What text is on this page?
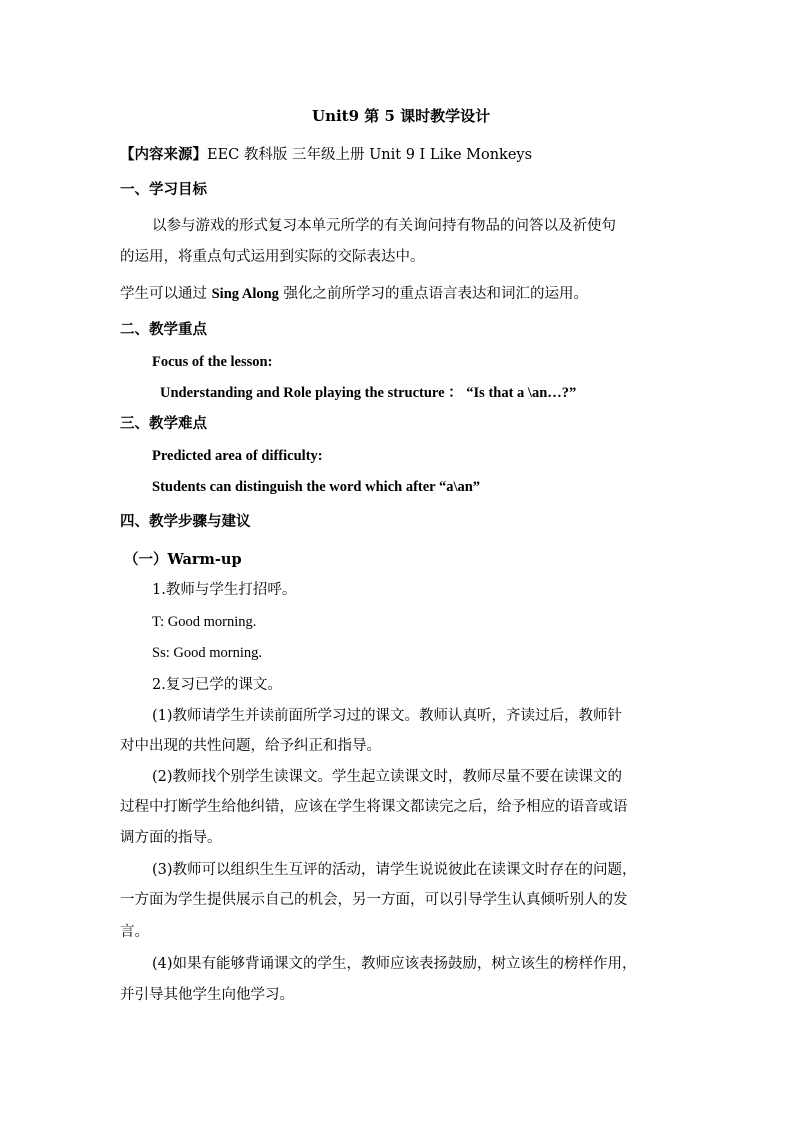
Unit9 第 5 课时教学设计
【内容来源】EEC 教科版 三年级上册 Unit 9 I Like Monkeys
一、学习目标
以参与游戏的形式复习本单元所学的有关询问持有物品的问答以及祈使句
的运用，将重点句式运用到实际的交际表达中。
学生可以通过 Sing Along 强化之前所学习的重点语言表达和词汇的运用。
二、教学重点
Focus of the lesson:
Understanding and Role playing the structure ： “Is that a \an…?”
三、教学难点
Predicted area of difficulty:
Students can distinguish the word which after “a\an”
四、教学步骤与建议
（一）Warm-up
1.教师与学生打招呼。
T: Good morning.
Ss: Good morning.
2.复习已学的课文。
(1)教师请学生并读前面所学习过的课文。教师认真听，齐读过后，教师针
对中出现的共性问题，给予纠正和指导。
(2)教师找个别学生读课文。学生起立读课文时，教师尽量不要在读课文的
过程中打断学生给他纠错，应该在学生将课文都读完之后，给予相应的语音或语
调方面的指导。
(3)教师可以组织生生互评的活动，请学生说说彼此在读课文时存在的问题，
一方面为学生提供展示自己的机会，另一方面，可以引导学生认真倾听别人的发
言。
(4)如果有能够背诵课文的学生，教师应该表扬鼓励，树立该生的榜样作用，
并引导其他学生向他学习。
